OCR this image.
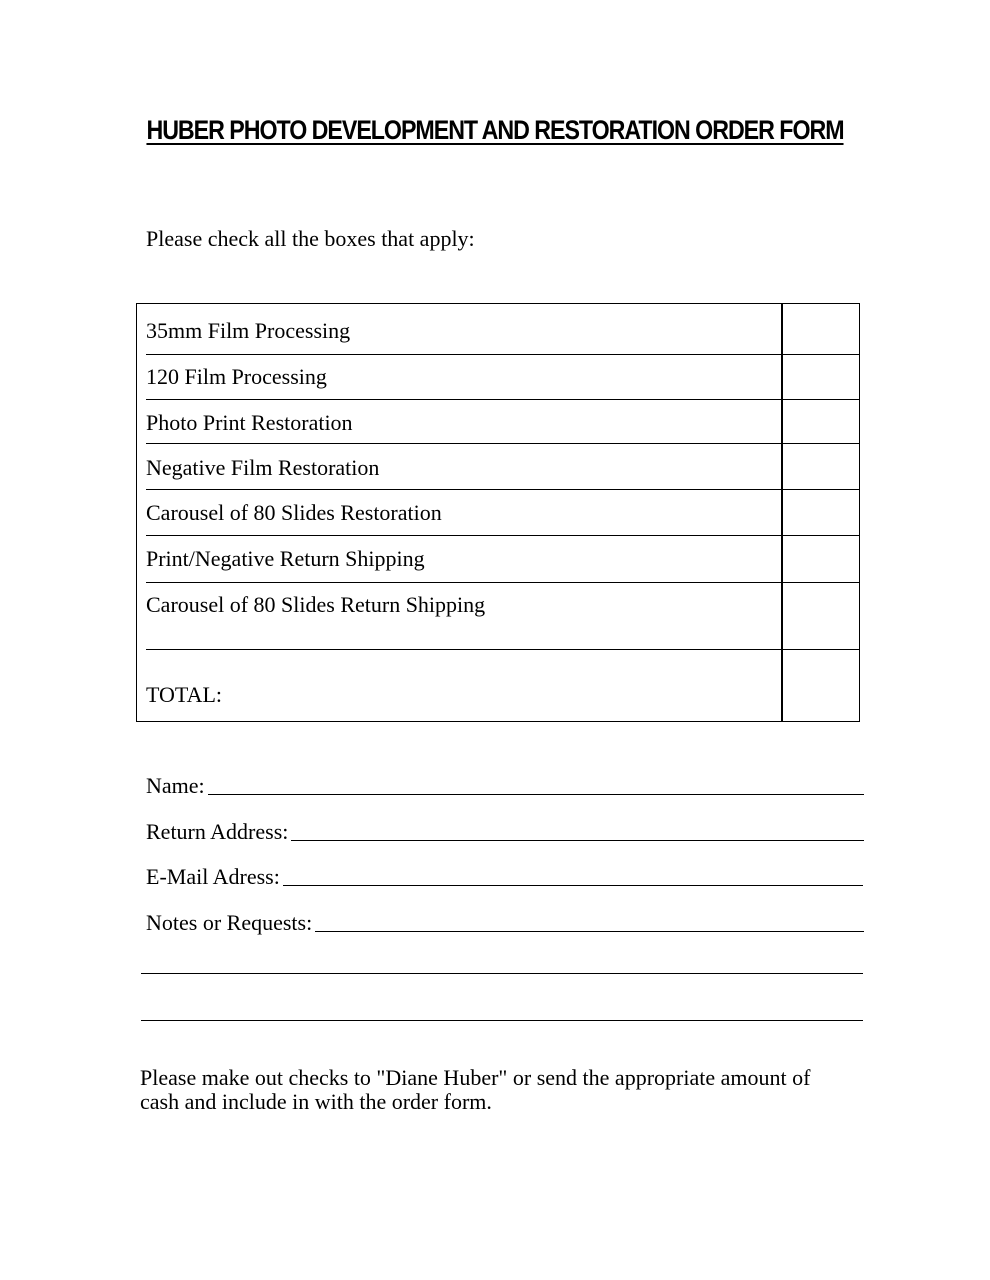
HUBER PHOTO DEVELOPMENT AND RESTORATION ORDER FORM
Please check all the boxes that apply:
35mm Film Processing
120 Film Processing
Photo Print Restoration
Negative Film Restoration
Carousel of 80 Slides Restoration
Print/Negative Return Shipping
Carousel of 80 Slides Return Shipping
TOTAL:
Name:
Return Address:
E-Mail Adress:
Notes or Requests:
Please make out checks to "Diane Huber" or send the appropriate amount of cash and include in with the order form.
